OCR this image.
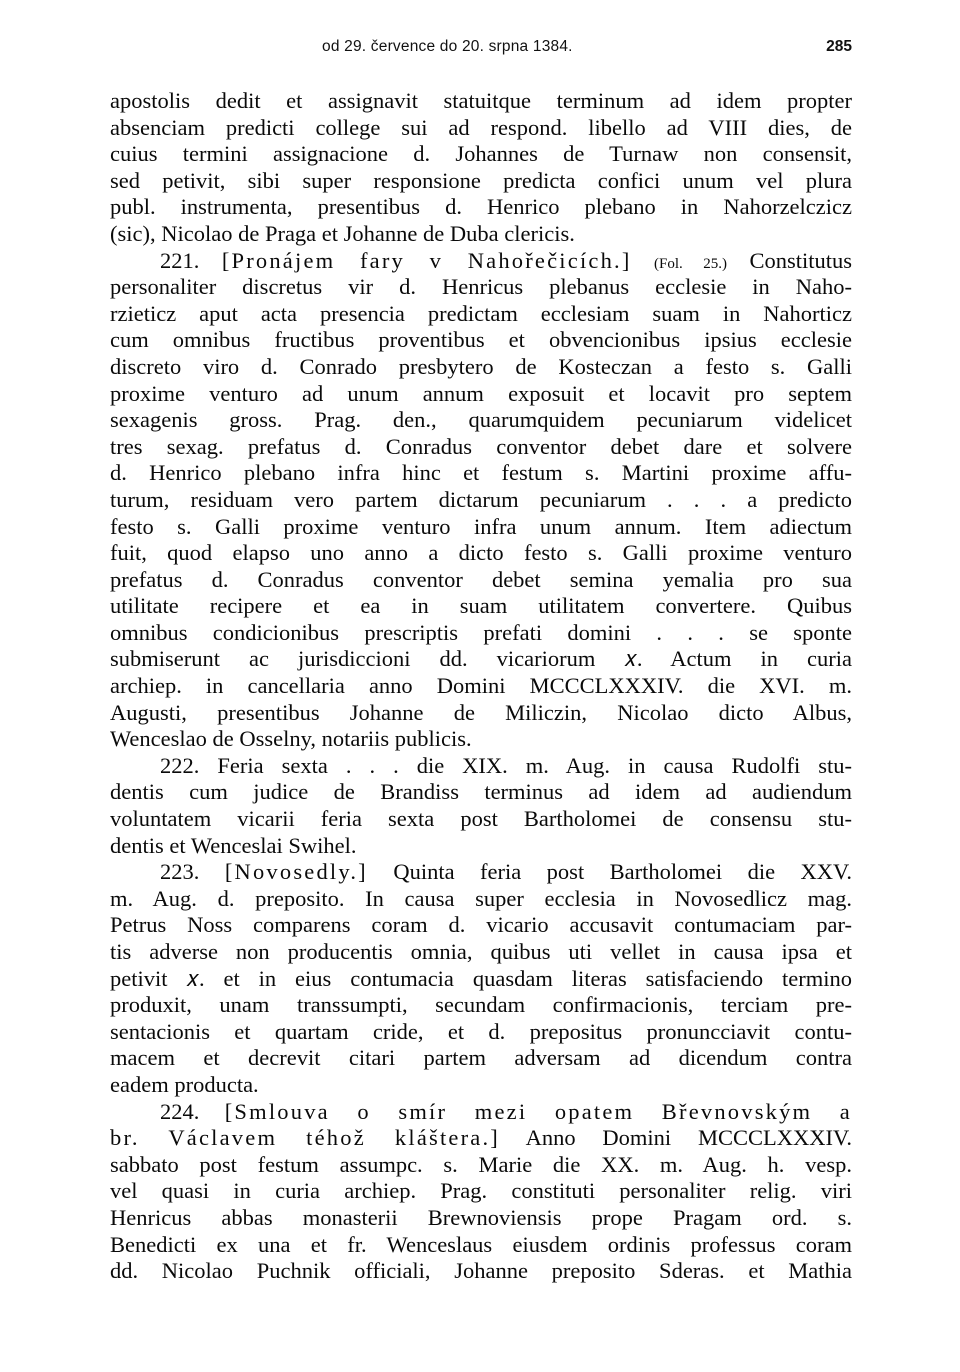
od 29. července do 20. srpna 1384.	285
apostolis dedit et assignavit statuitque terminum ad idem propter
absenciam predicti college sui ad respond. libello ad VIII dies, de
cuius termini assignacione d. Johannes de Turnaw non consensit,
sed petivit, sibi super responsione predicta confici unum vel plura
publ. instrumenta, presentibus d. Henrico plebano in Nahorzelczicz
(sic), Nicolao de Praga et Johanne de Duba clericis.
221. [Pronájem fary v Nahořečicích.] (Fol. 25.) Constitutus
personaliter discretus vir d. Henricus plebanus ecclesie in Naho-
rzieticz aput acta presencia predictam ecclesiam suam in Nahorticz
cum omnibus fructibus proventibus et obvencionibus ipsius ecclesie
discreto viro d. Conrado presbytero de Kosteczan a festo s. Galli
proxime venturo ad unum annum exposuit et locavit pro septem
sexagenis gross. Prag. den., quarumquidem pecuniarum videlicet
tres sexag. prefatus d. Conradus conventor debet dare et solvere
d. Henrico plebano infra hinc et festum s. Martini proxime affu-
turum, residuam vero partem dictarum pecuniarum . . . a predicto
festo s. Galli proxime venturo infra unum annum. Item adiectum
fuit, quod elapso uno anno a dicto festo s. Galli proxime venturo
prefatus d. Conradus conventor debet semina yemalia pro sua
utilitate recipere et ea in suam utilitatem convertere. Quibus
omnibus condicionibus prescriptis prefati domini . . . se sponte
submiserunt ac jurisdiccioni dd. vicariorum 𝑥. Actum in curia
archiep. in cancellaria anno Domini MCCCLXXXIV. die XVI. m.
Augusti, presentibus Johanne de Miliczin, Nicolao dicto Albus,
Wenceslao de Osselny, notariis publicis.
222. Feria sexta . . . die XIX. m. Aug. in causa Rudolfi stu-
dentis cum judice de Brandiss terminus ad idem ad audiendum
voluntatem vicarii feria sexta post Bartholomei de consensu stu-
dentis et Wenceslai Swihel.
223. [Novosedly.] Quinta feria post Bartholomei die XXV.
m. Aug. d. preposito. In causa super ecclesia in Novosedlicz mag.
Petrus Noss comparens coram d. vicario accusavit contumaciam par-
tis adverse non producentis omnia, quibus uti vellet in causa ipsa et
petivit 𝑥. et in eius contumacia quasdam literas satisfaciendo termino
produxit, unam transsumpti, secundam confirmacionis, terciam pre-
sentacionis et quartam cride, et d. prepositus pronuncciavit contu-
macem et decrevit citari partem adversam ad dicendum contra
eadem producta.
224. [Smlouva o smír mezi opatem Břevnovským a
br. Václavem téhož kláštera.] Anno Domini MCCCLXXXIV.
sabbato post festum assumpc. s. Marie die XX. m. Aug. h. vesp.
vel quasi in curia archiep. Prag. constituti personaliter relig. viri
Henricus abbas monasterii Brewnoviensis prope Pragam ord. s.
Benedicti ex una et fr. Wenceslaus eiusdem ordinis professus coram
dd. Nicolao Puchnik officiali, Johanne preposito Sderas. et Mathia
